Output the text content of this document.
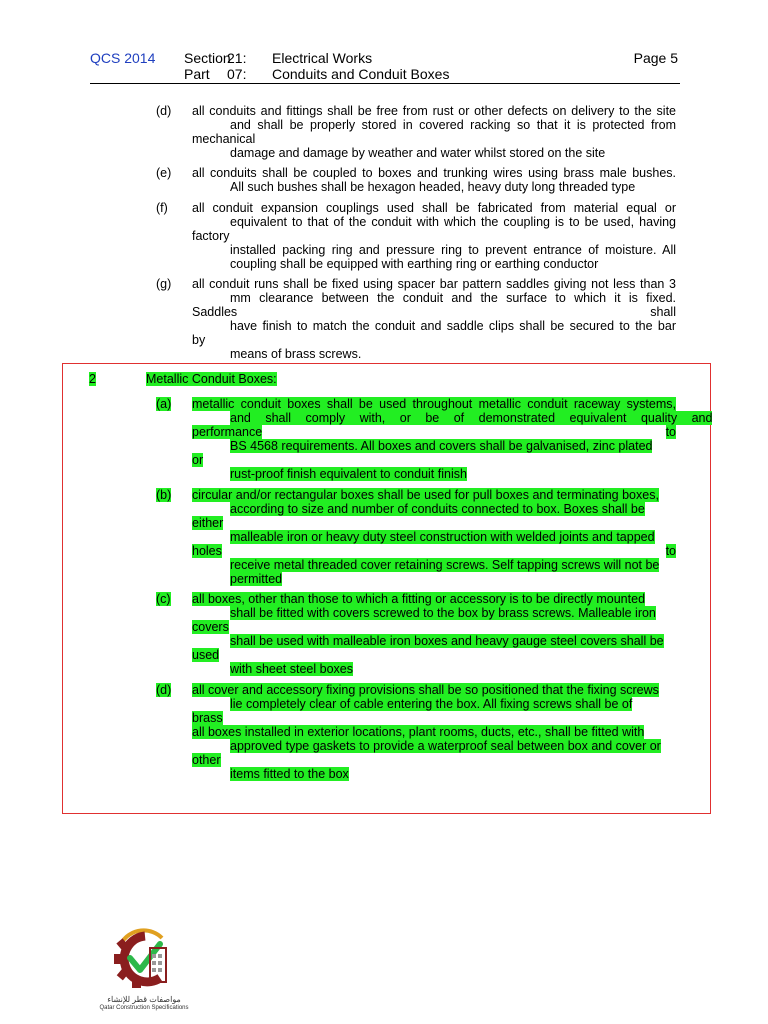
QCS 2014 Section
21: Electrical Works	Page 5
Part 07: Conduits and Conduit Boxes
(d) all conduits and fittings shall be free from rust or other defects on delivery to the site
and shall be properly stored in covered racking so that it is protected from
mechanical
damage and damage by weather and water whilst stored on the site
(e) all conduits shall be coupled to boxes and trunking wires using brass male bushes.
All such bushes shall be hexagon headed, heavy duty long threaded type
(f) all conduit expansion couplings used shall be fabricated from material equal or
equivalent to that of the conduit with which the coupling is to be used, having
factory
installed packing ring and pressure ring to prevent entrance of moisture. All
coupling shall be equipped with earthing ring or earthing conductor
(g) all conduit runs shall be fixed using spacer bar pattern saddles giving not less than 3
mm clearance between the conduit and the surface to which it is fixed.
Saddles	shall
have finish to match the conduit and saddle clips shall be secured to the bar
by
means of brass screws.
2	Metallic Conduit Boxes:
(a) metallic conduit boxes shall be used throughout metallic conduit raceway systems,
and shall comply with, or be of demonstrated equivalent quality and
performance	to
BS 4568 requirements. All boxes and covers shall be galvanised, zinc plated
or
rust-proof finish equivalent to conduit finish
(b) circular and/or rectangular boxes shall be used for pull boxes and terminating boxes,
according to size and number of conduits connected to box. Boxes shall be
either
malleable iron or heavy duty steel construction with welded joints and tapped
holes	to
receive metal threaded cover retaining screws. Self tapping screws will not be
permitted
(c) all boxes, other than those to which a fitting or accessory is to be directly mounted
shall be fitted with covers screwed to the box by brass screws. Malleable iron
covers
shall be used with malleable iron boxes and heavy gauge steel covers shall be
used
with sheet steel boxes
(d) all cover and accessory fixing provisions shall be so positioned that the fixing screws
lie completely clear of cable entering the box. All fixing screws shall be of
brass
all boxes installed in exterior locations, plant rooms, ducts, etc., shall be fitted with
approved type gaskets to provide a waterproof seal between box and cover or
other
items fitted to the box
مواصفات قطر للإنشاء
Qatar Construction Specifications
